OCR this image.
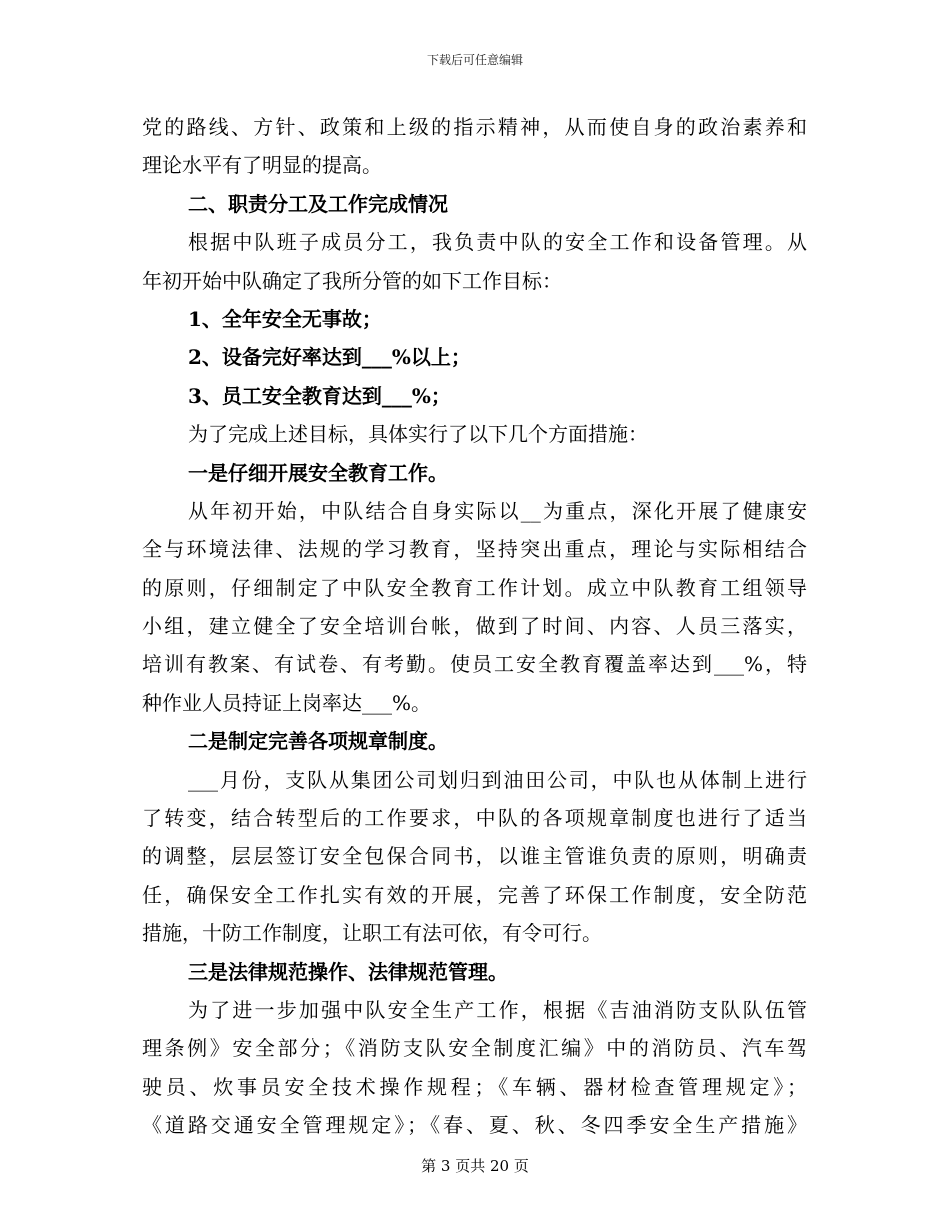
下载后可任意编辑
党的路线、方针、政策和上级的指示精神，从而使自身的政治素养和
理论水平有了明显的提高。
二、职责分工及工作完成情况
根据中队班子成员分工，我负责中队的安全工作和设备管理。从
年初开始中队确定了我所分管的如下工作目标：
1、全年安全无事故；
2、设备完好率达到___%以上；
3、员工安全教育达到___%；
为了完成上述目标，具体实行了以下几个方面措施：
一是仔细开展安全教育工作。
从年初开始，中队结合自身实际以__为重点，深化开展了健康安
全与环境法律、法规的学习教育，坚持突出重点，理论与实际相结合
的原则，仔细制定了中队安全教育工作计划。成立中队教育工组领导
小组，建立健全了安全培训台帐，做到了时间、内容、人员三落实，
培训有教案、有试卷、有考勤。使员工安全教育覆盖率达到___%，特
种作业人员持证上岗率达___%。
二是制定完善各项规章制度。
___月份，支队从集团公司划归到油田公司，中队也从体制上进行
了转变，结合转型后的工作要求，中队的各项规章制度也进行了适当
的调整，层层签订安全包保合同书，以谁主管谁负责的原则，明确责
任，确保安全工作扎实有效的开展，完善了环保工作制度，安全防范
措施，十防工作制度，让职工有法可依，有令可行。
三是法律规范操作、法律规范管理。
为了进一步加强中队安全生产工作，根据《吉油消防支队队伍管
理条例》安全部分；《消防支队安全制度汇编》中的消防员、汽车驾
驶员、炊事员安全技术操作规程；《车辆、器材检查管理规定》；
《道路交通安全管理规定》；《春、夏、秋、冬四季安全生产措施》
第 3 页共 20 页
